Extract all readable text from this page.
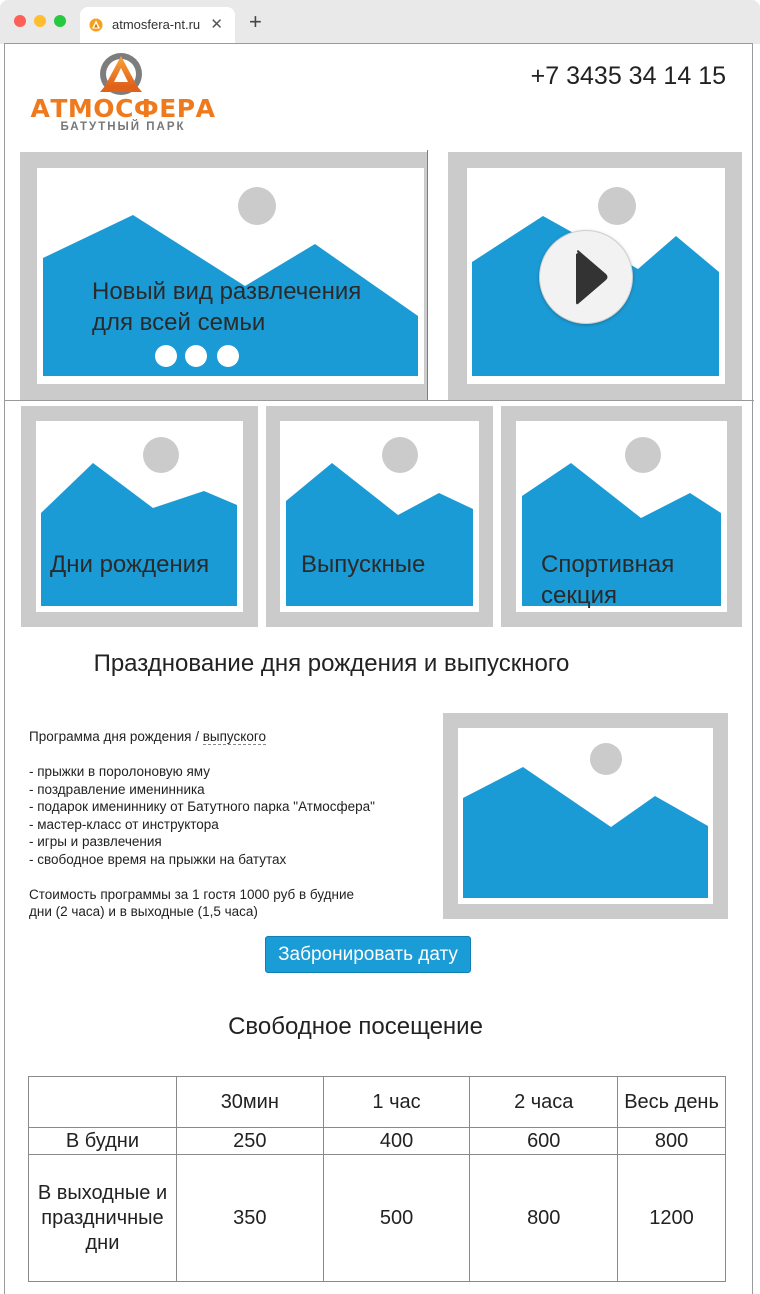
atmosfera-nt.ru ✕ +
АТМОСФЕРА
БАТУТНЫЙ ПАРК
+7 3435 34 14 15
Новый вид развлечения
для всей семьи
Дни рождения	Выпускные	Спортивная
секция
Празднование дня рождения и выпускного
Программа дня рождения / выпуского
- прыжки в поролоновую яму
- поздравление именинника
- подарок имениннику от Батутного парка "Атмосфера"
- мастер-класс от инструктора
- игры и развлечения
- свободное время на прыжки на батутах
Стоимость программы за 1 гостя 1000 руб в будние
дни (2 часа) и в выходные (1,5 часа)
Забронировать дату
Свободное посещение
	30мин	1 час	2 часа	Весь день
В будни	250	400	600	800

В выходные и
праздничные
дни	350	500	800	1200
